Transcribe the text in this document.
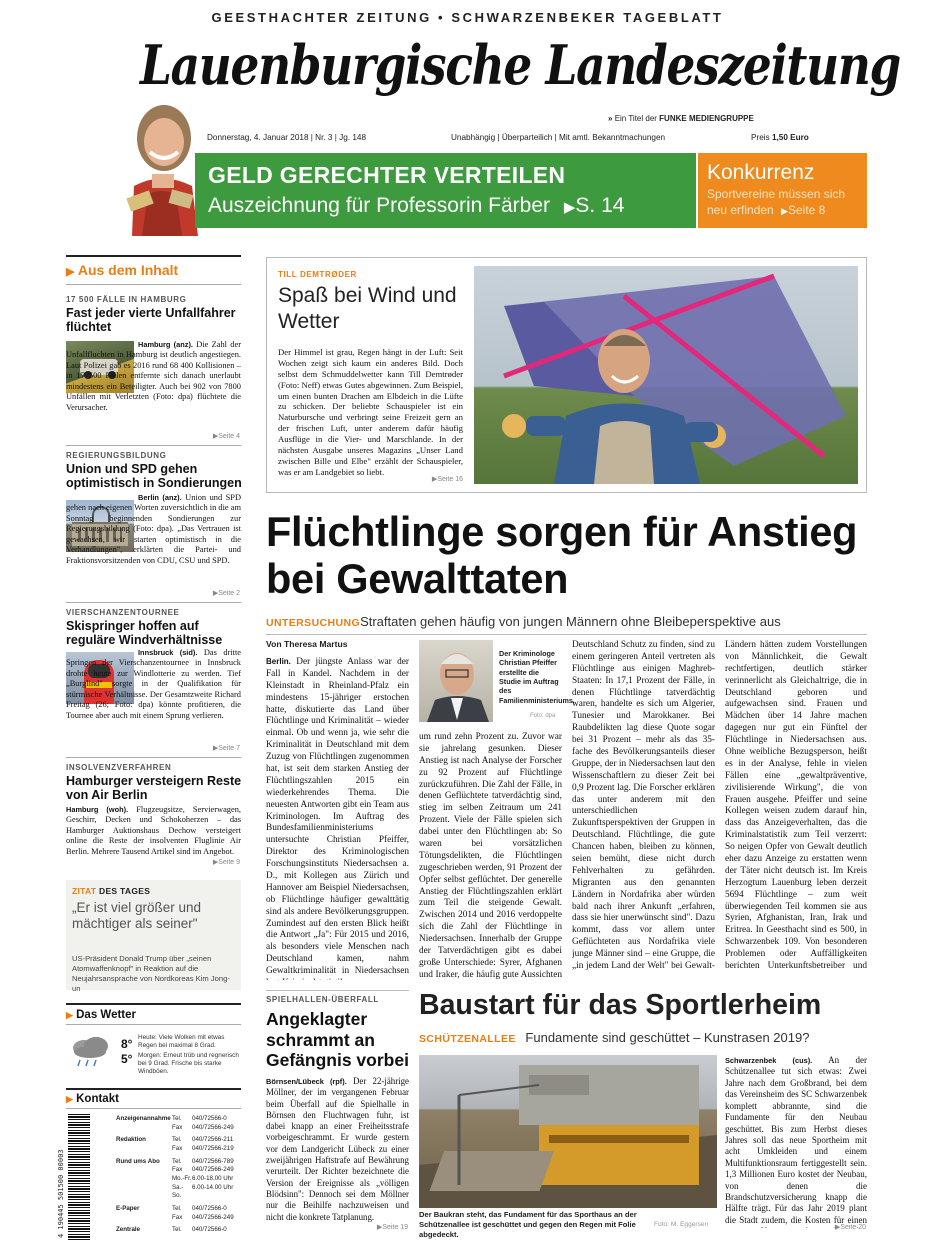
GEESTHACHTER ZEITUNG • SCHWARZENBEKER TAGEBLATT
Lauenburgische Landeszeitung
» Ein Titel der FUNKE MEDIENGRUPPE
Donnerstag, 4. Januar 2018 | Nr. 3 | Jg. 148	Unabhängig | Überparteilich | Mit amtl. Bekanntmachungen	Preis 1,50 Euro
GELD GERECHTER VERTEILEN
Auszeichnung für Professorin Färber ▶S. 14
Konkurrenz
Sportvereine müssen sich neu erfinden ▶Seite 8
▶ Aus dem Inhalt
17 500 FÄLLE IN HAMBURG
Fast jeder vierte Unfallfahrer flüchtet
Hamburg (anz). Die Zahl der Unfallfluchten in Hamburg ist deutlich angestiegen. Laut Polizei gab es 2016 rund 68 400 Kollisionen – in 17 500 Fällen entfernte sich danach unerlaubt mindestens ein Beteiligter. Auch bei 902 von 7800 Unfällen mit Verletzten (Foto: dpa) flüchtete die Verursacher.
▶Seite 4
REGIERUNGSBILDUNG
Union und SPD gehen optimistisch in Sondierungen
Berlin (anz). Union und SPD gehen nach eigenen Worten zuversichtlich in die am Sonntag beginnenden Sondierungen zur Regierungsbildung (Foto: dpa). „Das Vertrauen ist gewachsen, wir starten optimistisch in die Verhandlungen", erklärten die Partei- und Fraktionsvorsitzenden von CDU, CSU und SPD.
▶Seite 2
VIERSCHANZENTOURNEE
Skispringer hoffen auf reguläre Windverhältnisse
Innsbruck (sid). Das dritte Springen der Vierschanzentournee in Innsbruck drohte heute zur Windlotterie zu werden. Tief „Burglind" sorgte in der Qualifikation für stürmische Verhältnisse. Der Gesamtzweite Richard Freitag (26; Foto: dpa) könnte profitieren, die Tournee aber auch mit einem Sprung verlieren.
▶Seite 7
INSOLVENZVERFAHREN
Hamburger versteigern Reste von Air Berlin
Hamburg (woh). Flugzeugsitze, Servierwagen, Geschirr, Decken und Schokoherzen – das Hamburger Auktionshaus Dechow versteigert online die Reste der insolventen Fluglinie Air Berlin. Mehrere Tausend Artikel sind im Angebot.
▶Seite 9
ZITAT DES TAGES
„Er ist viel größer und mächtiger als seiner"
US-Präsident Donald Trump über „seinen Atomwaffenknopf" in Reaktion auf die Neujahrsansprache von Nordkoreas Kim Jong-un
▶ Das Wetter
8°
5°
Heute: Viele Wolken mit etwas Regen bei maximal 8 Grad.
Morgen: Erneut trüb und regnerisch bei 9 Grad. Frische bis starke Windböen.
▶ Kontakt
4 190445 501500 00003
Anzeigenannahme Tel.	040/72566-0
Fax	040/72566-249
Redaktion	Tel.	040/72566-211
Fax	040/72566-219
Rund ums Abo	Tel.	040/72566-789
Fax	040/72566-249
Mo.-Fr. 6.00-18.00 Uhr
Sa.-So.
6.00-14.00 Uhr
E-Paper	Tel.	040/72566-0
Fax	040/72566-249
Zentrale	Tel.	040/72566-0
TILL DEMTRØDER
Spaß bei Wind und Wetter
Der Himmel ist grau, Regen hängt in der Luft: Seit Wochen zeigt sich kaum ein anderes Bild. Doch selbst dem Schmuddelwetter kann Till Demtrøder (Foto: Neff) etwas Gutes abgewinnen. Zum Beispiel, um einen bunten Drachen am Elbdeich in die Lüfte zu schicken. Der beliebte Schauspieler ist ein Naturbursche und verbringt seine Freizeit gern an der frischen Luft, unter anderem dafür häufig Ausflüge in die Vier- und Marschlande. In der nächsten Ausgabe unseres Magazins „Unser Land zwischen Bille und Elbe" erzählt der Schauspieler, was er am Landgebiet so liebt.
▶Seite 16
Flüchtlinge sorgen für Anstieg bei Gewalttaten
UNTERSUCHUNGStraftaten gehen häufig von jungen Männern ohne Bleibeperspektive aus
Von Theresa Martus
Berlin. Der jüngste Anlass war der Fall in Kandel. Nachdem in der Kleinstadt in Rheinland-Pfalz ein mindestens 15-jähriger erstochen hatte, diskutierte das Land über Flüchtlinge und Kriminalität – wieder einmal. Ob und wenn ja, wie sehr die Kriminalität in Deutschland mit dem Zuzug von Flüchtlingen zugenommen hat, ist seit dem starken Anstieg der Flüchtlingszahlen 2015 ein wiederkehrendes Thema. Die neuesten Antworten gibt ein Team aus Kriminologen. Im Auftrag des Bundesfamilienministeriums untersuchte Christian Pfeiffer, Direktor des Kriminologischen Forschungsinstituts Niedersachsen a. D., mit Kollegen aus Zürich und Hannover am Beispiel Niedersachsen, ob Flüchtlinge häufiger gewalttätig sind als andere Bevölkerungsgruppen. Zumindest auf den ersten Blick heißt die Antwort „Ja": Für 2015 und 2016, als besonders viele Menschen nach Deutschland kamen, nahm Gewaltkriminalität in Niedersachsen
Der Kriminologe Christian Pfeiffer erstellte die Studie im Auftrag des Familienministeriums.
Foto: dpa
um rund zehn Prozent zu. Zuvor war sie jahrelang gesunken. Dieser Anstieg ist nach Analyse der Forscher zu 92 Prozent auf Flüchtlinge zurückzuführen. Die Zahl der Fälle, in denen Geflüchtete tatverdächtig sind, stieg im selben Zeitraum um 241 Prozent. Viele der Fälle spielen sich dabei unter den Flüchtlingen ab: So waren bei vorsätzlichen Tötungsdelikten, die Flüchtlingen zugeschrieben werden, 91 Prozent der Opfer selbst geflüchtet. Der generelle Anstieg der Flüchtlingszahlen erklärt zum Teil die steigende Gewalt. Zwischen 2014 und 2016 verdoppelte sich die Zahl der Flüchtlinge in Niedersachsen. Innerhalb der Gruppe der Tatverdächtigen gibt es dabei große Unterschiede: Syrer, Afghanen und Iraker, die häufig gute Aussichten
Deutschland Schutz zu finden, sind zu einem geringeren Anteil vertreten als Flüchtlinge aus einigen Maghreb-Staaten: In 17,1 Prozent der Fälle, in denen Flüchtlinge tatverdächtig waren, handelte es sich um Algerier, Tunesier und Marokkaner. Bei Raubdelikten lag diese Quote sogar bei 31 Prozent – mehr als das 35-fache des Bevölkerungsanteils dieser Gruppe, der in Niedersachsen laut den Wissenschaftlern zu dieser Zeit bei 0,9 Prozent lag. Die Forscher erklären das unter anderem mit den unterschiedlichen Zukunftsperspektiven der Gruppen in Deutschland. Flüchtlinge, die gute Chancen haben, bleiben zu können, seien bemüht, diese nicht durch Fehlverhalten zu gefährden. Migranten aus den genannten Ländern in Nordafrika aber würden bald nach ihrer Ankunft „erfahren, dass sie hier unerwünscht sind". Dazu kommt, dass vor allem unter Geflüchteten aus Nordafrika viele junge Männer sind – eine Gruppe, die „in jedem Land der Welt" bei Gewalt-
Ländern hätten zudem Vorstellungen von Männlichkeit, die Gewalt rechtfertigen, deutlich stärker verinnerlicht als Gleichaltrige, die in Deutschland geboren und aufgewachsen sind. Frauen und Mädchen über 14 Jahre machen dagegen nur gut ein Fünftel der Flüchtlinge in Niedersachsen aus. Ohne weibliche Bezugsperson, heißt es in der Analyse, fehle in vielen Fällen eine „gewaltpräventive, zivilisierende Wirkung", die von Frauen ausgehe. Pfeiffer und seine Kollegen weisen zudem darauf hin, dass das Anzeigeverhalten, das die Kriminalstatistik zum Teil verzerrt: So neigen Opfer von Gewalt deutlich eher dazu Anzeige zu erstatten wenn der Täter nicht deutsch ist. Im Kreis Herzogtum Lauenburg leben derzeit 5694 Flüchtlinge – zum weit überwiegenden Teil kommen sie aus Syrien, Afghanistan, Iran, Irak und Eritrea. In Geesthacht sind es 500, in Schwarzenbek 109. Von besonderen Problemen oder Auffälligkeiten berichten Unterkunftsbetreiber und
SPIELHALLEN-ÜBERFALL
Angeklagter schrammt an Gefängnis vorbei
Börnsen/Lübeck (rpf). Der 22-jährige Möllner, der im vergangenen Februar beim Überfall auf die Spielhalle in Börnsen den Fluchtwagen fuhr, ist dabei knapp an einer Freiheitsstrafe vorbeigeschrammt. Er wurde gestern vor dem Landgericht Lübeck zu einer zweijährigen Haftstrafe auf Bewährung verurteilt. Der Richter bezeichnete die Version der Ereignisse als „völligen Blödsinn": Dennoch sei dem Möllner nur die Beihilfe nachzuweisen und nicht die konkrete Tatplanung.
▶Seite 19
Baustart für das Sportlerheim
SCHÜTZENALLEE Fundamente sind geschüttet – Kunstrasen 2019?
Der Baukran steht, das Fundament für das Sporthaus an der Schützenallee ist geschüttet und gegen den Regen mit Folie abgedeckt.
Foto: M. Eggersen
Schwarzenbek (cus). An der Schützenallee tut sich etwas: Zwei Jahre nach dem Großbrand, bei dem das Vereinsheim des SC Schwarzenbek komplett abbrannte, sind die Fundamente für den Neubau geschüttet. Bis zum Herbst dieses Jahres soll das neue Sportheim mit acht Umkleiden und einem Multifunktionsraum fertiggestellt sein. 1,3 Millionen Euro kostet der Neubau, von denen die Brandschutzversicherung knapp die Hälfte trägt. Für das Jahr 2019 plant die Stadt zudem, die Kosten für einen
▶Seite 20
